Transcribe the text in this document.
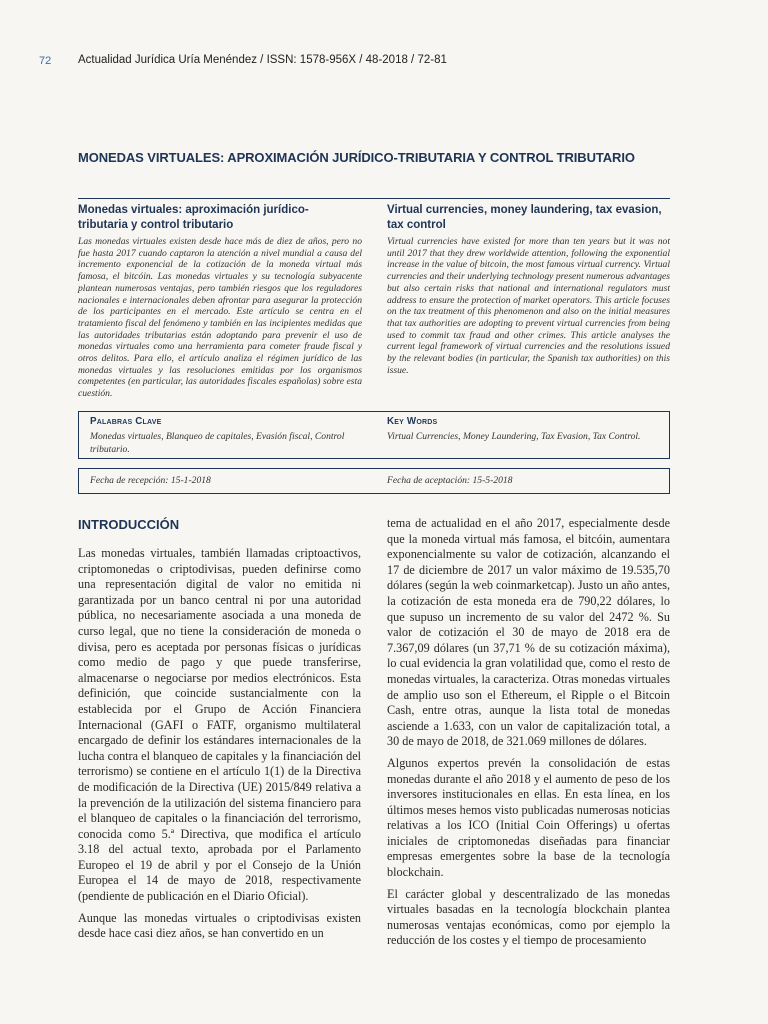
72 Actualidad Jurídica Uría Menéndez / ISSN: 1578-956X / 48-2018 / 72-81
MONEDAS VIRTUALES: APROXIMACIÓN JURÍDICO-TRIBUTARIA Y CONTROL TRIBUTARIO
Monedas virtuales: aproximación jurídico-tributaria y control tributario
Las monedas virtuales existen desde hace más de diez de años, pero no fue hasta 2017 cuando captaron la atención a nivel mundial a causa del incremento exponencial de la cotización de la moneda virtual más famosa, el bitcóin. Las monedas virtuales y su tecnología subyacente plantean numerosas ventajas, pero también riesgos que los reguladores nacionales e internacionales deben afrontar para asegurar la protección de los participantes en el mercado. Este artículo se centra en el tratamiento fiscal del fenómeno y también en las incipientes medidas que las autoridades tributarias están adoptando para prevenir el uso de monedas virtuales como una herramienta para cometer fraude fiscal y otros delitos. Para ello, el artículo analiza el régimen jurídico de las monedas virtuales y las resoluciones emitidas por los organismos competentes (en particular, las autoridades fiscales españolas) sobre esta cuestión.
Virtual currencies, money laundering, tax evasion, tax control
Virtual currencies have existed for more than ten years but it was not until 2017 that they drew worldwide attention, following the exponential increase in the value of bitcoin, the most famous virtual currency. Virtual currencies and their underlying technology present numerous advantages but also certain risks that national and international regulators must address to ensure the protection of market operators. This article focuses on the tax treatment of this phenomenon and also on the initial measures that tax authorities are adopting to prevent virtual currencies from being used to commit tax fraud and other crimes. This article analyses the current legal framework of virtual currencies and the resolutions issued by the relevant bodies (in particular, the Spanish tax authorities) on this issue.
Palabras Clave
Monedas virtuales, Blanqueo de capitales, Evasión fiscal, Control tributario.
Key Words
Virtual Currencies, Money Laundering, Tax Evasion, Tax Control.
Fecha de recepción: 15-1-2018	Fecha de aceptación: 15-5-2018
INTRODUCCIÓN

Las monedas virtuales, también llamadas criptoactivos, criptomonedas o criptodivisas, pueden definirse como una representación digital de valor no emitida ni garantizada por un banco central ni por una autoridad pública, no necesariamente asociada a una moneda de curso legal, que no tiene la consideración de moneda o divisa, pero es aceptada por personas físicas o jurídicas como medio de pago y que puede transferirse, almacenarse o negociarse por medios electrónicos. Esta definición, que coincide sustancialmente con la establecida por el Grupo de Acción Financiera Internacional (GAFI o FATF, organismo multilateral encargado de definir los estándares internacionales de la lucha contra el blanqueo de capitales y la financiación del terrorismo) se contiene en el artículo 1(1) de la Directiva de modificación de la Directiva (UE) 2015/849 relativa a la prevención de la utilización del sistema financiero para el blanqueo de capitales o la financiación del terrorismo, conocida como 5.ª Directiva, que modifica el artículo 3.18 del actual texto, aprobada por el Parlamento Europeo el 19 de abril y por el Consejo de la Unión Europea el 14 de mayo de 2018, respectivamente (pendiente de publicación en el Diario Oficial).

Aunque las monedas virtuales o criptodivisas existen desde hace casi diez años, se han convertido en un

tema de actualidad en el año 2017, especialmente desde que la moneda virtual más famosa, el bitcóin, aumentara exponencialmente su valor de cotización, alcanzando el 17 de diciembre de 2017 un valor máximo de 19.535,70 dólares (según la web coinmarketcap). Justo un año antes, la cotización de esta moneda era de 790,22 dólares, lo que supuso un incremento de su valor del 2472 %. Su valor de cotización el 30 de mayo de 2018 era de 7.367,09 dólares (un 37,71 % de su cotización máxima), lo cual evidencia la gran volatilidad que, como el resto de monedas virtuales, la caracteriza. Otras monedas virtuales de amplio uso son el Ethereum, el Ripple o el Bitcoin Cash, entre otras, aunque la lista total de monedas asciende a 1.633, con un valor de capitalización total, a 30 de mayo de 2018, de 321.069 millones de dólares.

Algunos expertos prevén la consolidación de estas monedas durante el año 2018 y el aumento de peso de los inversores institucionales en ellas. En esta línea, en los últimos meses hemos visto publicadas numerosas noticias relativas a los ICO (Initial Coin Offerings) u ofertas iniciales de criptomonedas diseñadas para financiar empresas emergentes sobre la base de la tecnología blockchain.

El carácter global y descentralizado de las monedas virtuales basadas en la tecnología blockchain plantea numerosas ventajas económicas, como por ejemplo la reducción de los costes y el tiempo de procesamiento
